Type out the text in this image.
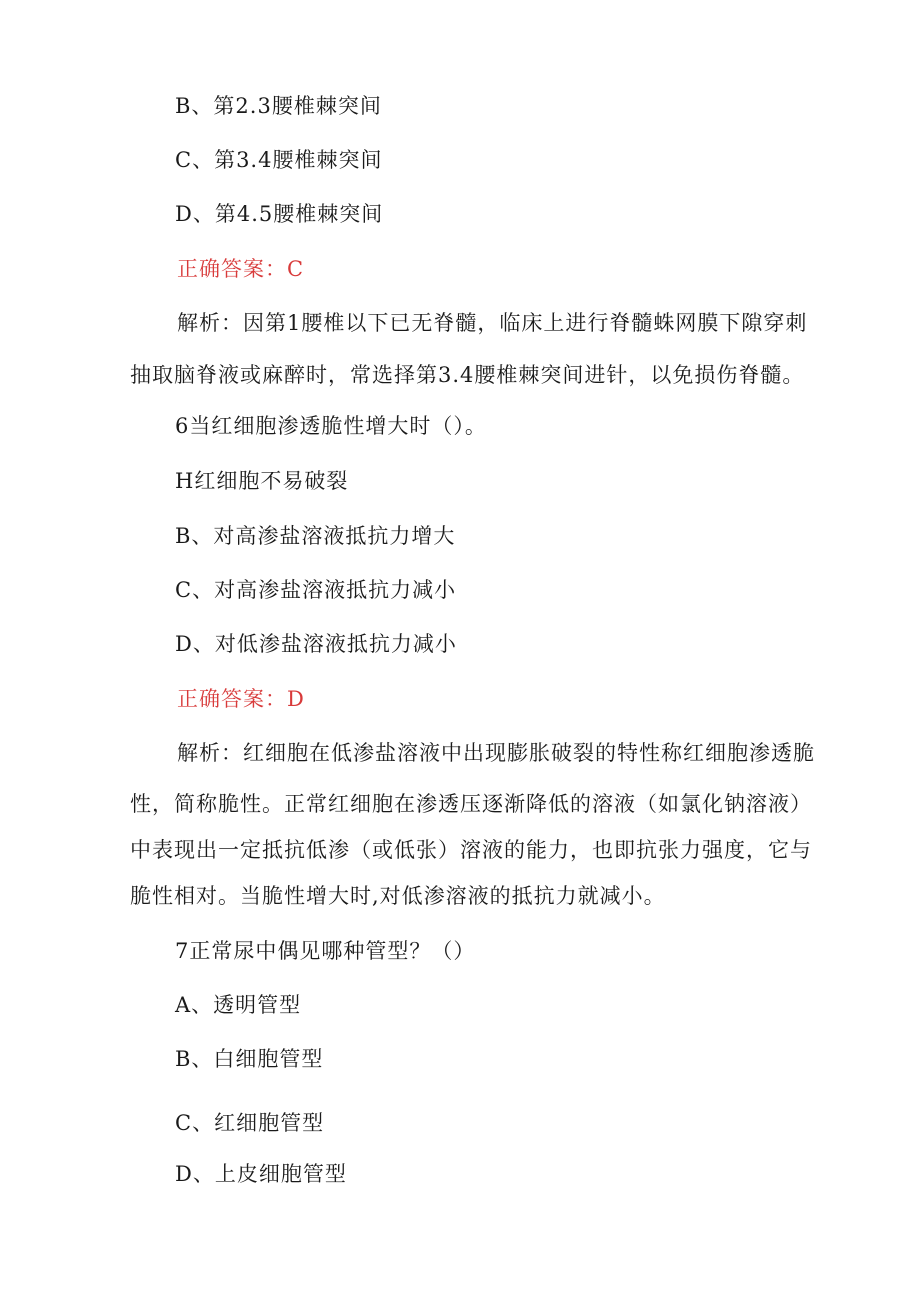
B、第2.3腰椎棘突间
C、第3.4腰椎棘突间
D、第4.5腰椎棘突间
正确答案：C
解析：因第1腰椎以下已无脊髓，临床上进行脊髓蛛网膜下隙穿刺
抽取脑脊液或麻醉时，常选择第3.4腰椎棘突间进针，以免损伤脊髓。
6当红细胞渗透脆性增大时（）。
H红细胞不易破裂
B、对高渗盐溶液抵抗力增大
C、对高渗盐溶液抵抗力减小
D、对低渗盐溶液抵抗力减小
正确答案：D
解析：红细胞在低渗盐溶液中出现膨胀破裂的特性称红细胞渗透脆
性，简称脆性。正常红细胞在渗透压逐渐降低的溶液（如氯化钠溶液）
中表现出一定抵抗低渗（或低张）溶液的能力，也即抗张力强度，它与
脆性相对。当脆性增大时,对低渗溶液的抵抗力就减小。
7正常尿中偶见哪种管型？（）
A、透明管型
B、白细胞管型
C、红细胞管型
D、上皮细胞管型
